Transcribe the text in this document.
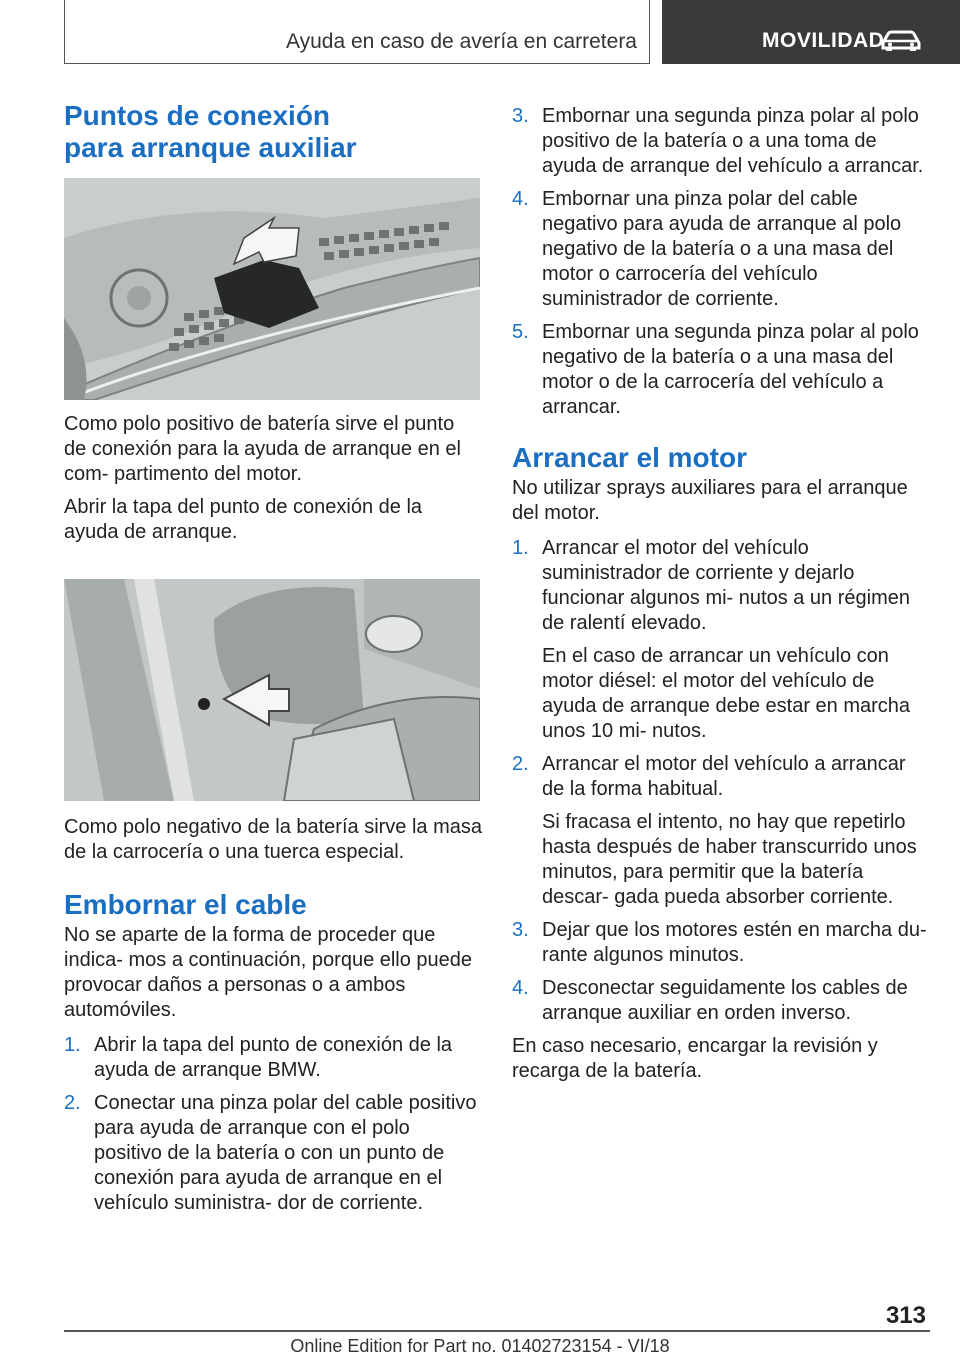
Ayuda en caso de avería en carretera	MOVILIDAD
Puntos de conexión para arranque auxiliar

Como polo positivo de batería sirve el punto de conexión para la ayuda de arranque en el com- partimento del motor.

Abrir la tapa del punto de conexión de la ayuda de arranque.

Como polo negativo de la batería sirve la masa de la carrocería o una tuerca especial.

Embornar el cable

No se aparte de la forma de proceder que indica- mos a continuación, porque ello puede provocar daños a personas o a ambos automóviles.

1. Abrir la tapa del punto de conexión de la ayuda de arranque BMW.
2. Conectar una pinza polar del cable positivo para ayuda de arranque con el polo positivo de la batería o con un punto de conexión para ayuda de arranque en el vehículo suministra- dor de corriente.
3. Embornar una segunda pinza polar al polo positivo de la batería o a una toma de ayuda de arranque del vehículo a arrancar.
4. Embornar una pinza polar del cable negativo para ayuda de arranque al polo negativo de la batería o a una masa del motor o carrocería del vehículo suministrador de corriente.
5. Embornar una segunda pinza polar al polo negativo de la batería o a una masa del motor o de la carrocería del vehículo a arrancar.
Arrancar el motor

No utilizar sprays auxiliares para el arranque del motor.

1. Arrancar el motor del vehículo suministrador de corriente y dejarlo funcionar algunos mi- nutos a un régimen de ralentí elevado.
En el caso de arrancar un vehículo con motor diésel: el motor del vehículo de ayuda de arranque debe estar en marcha unos 10 mi- nutos.
2. Arrancar el motor del vehículo a arrancar de la forma habitual.
Si fracasa el intento, no hay que repetirlo hasta después de haber transcurrido unos minutos, para permitir que la batería descar- gada pueda absorber corriente.
3. Dejar que los motores estén en marcha du- rante algunos minutos.
4. Desconectar seguidamente los cables de arranque auxiliar en orden inverso.

En caso necesario, encargar la revisión y recarga de la batería.

313
Online Edition for Part no. 01402723154 - VI/18
